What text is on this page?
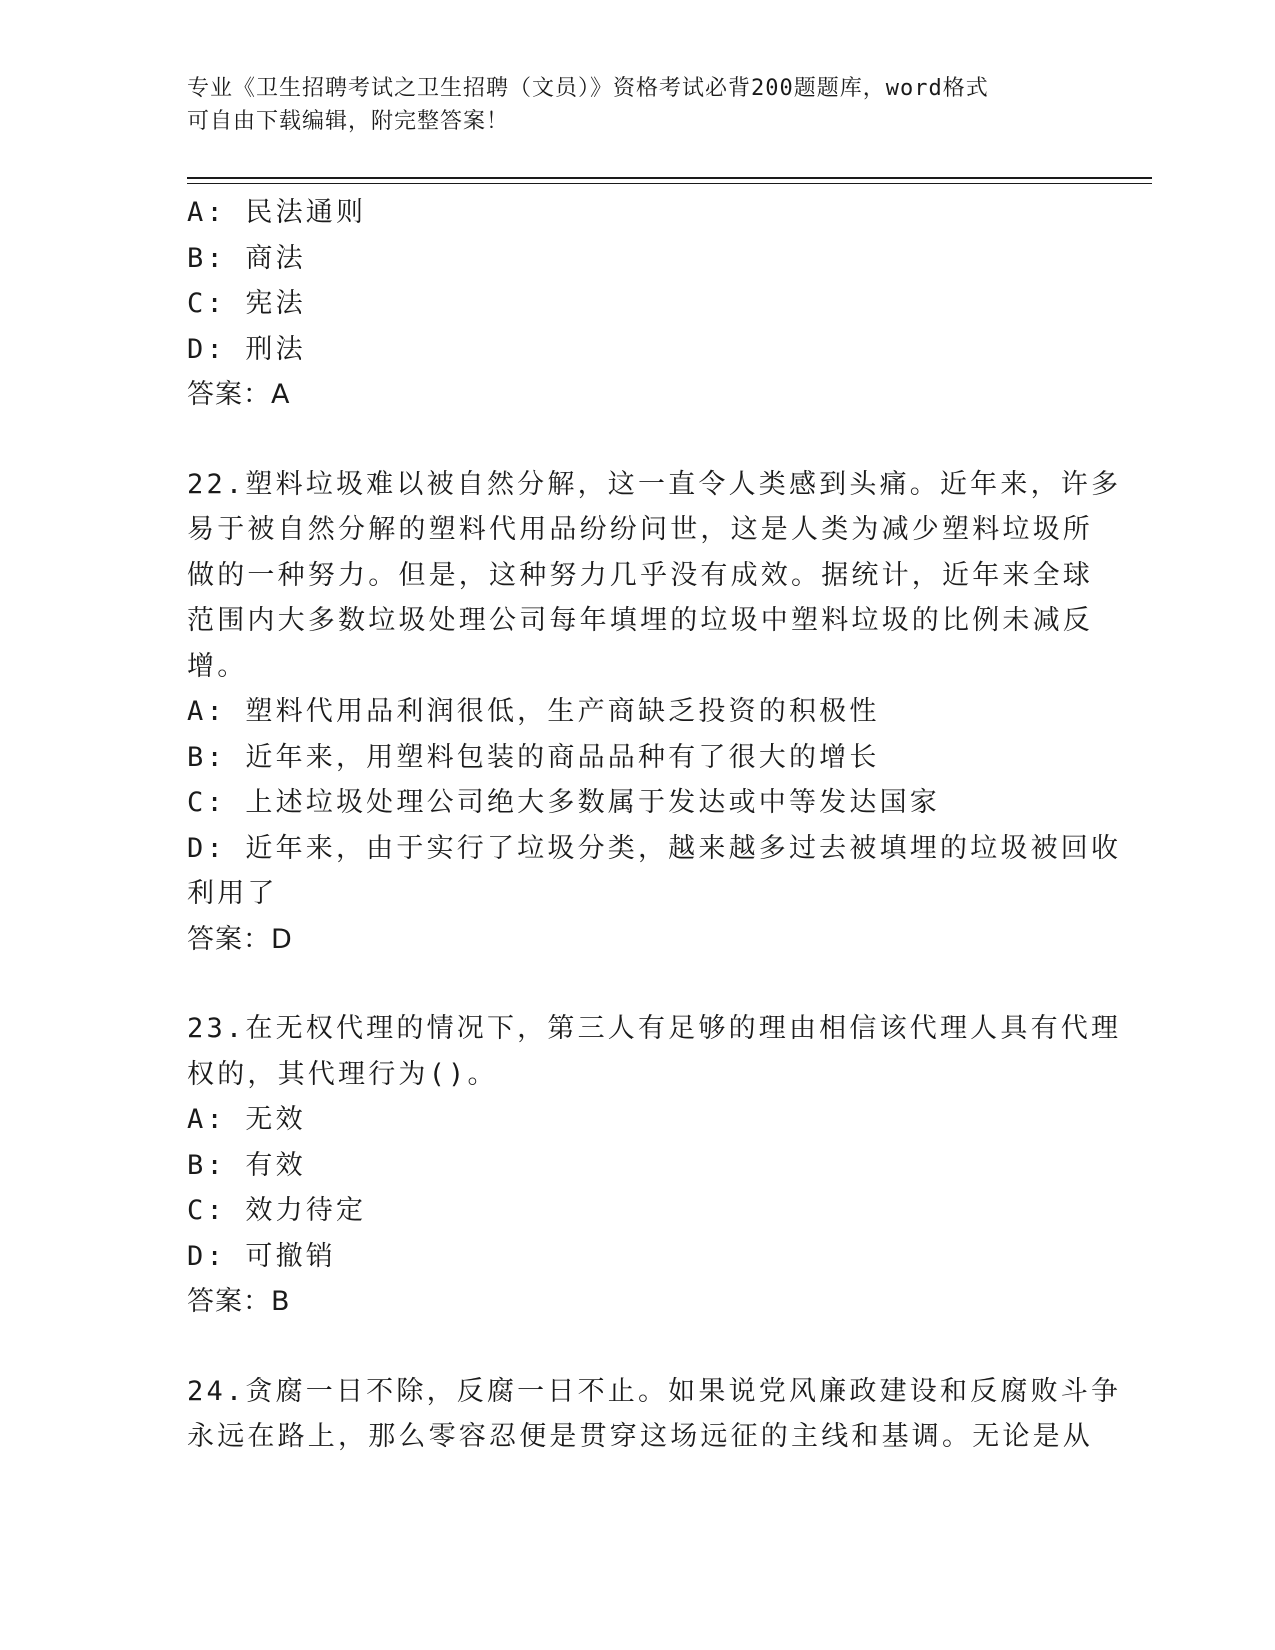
专业《卫生招聘考试之卫生招聘（文员）》资格考试必背200题题库，word格式
可自由下载编辑，附完整答案！
A: 民法通则
B: 商法
C: 宪法
D: 刑法
答案：A
22.塑料垃圾难以被自然分解，这一直令人类感到头痛。近年来，许多
易于被自然分解的塑料代用品纷纷问世，这是人类为减少塑料垃圾所
做的一种努力。但是，这种努力几乎没有成效。据统计，近年来全球
范围内大多数垃圾处理公司每年填埋的垃圾中塑料垃圾的比例未减反
增。
A: 塑料代用品利润很低，生产商缺乏投资的积极性
B: 近年来，用塑料包装的商品品种有了很大的增长
C: 上述垃圾处理公司绝大多数属于发达或中等发达国家
D: 近年来，由于实行了垃圾分类，越来越多过去被填埋的垃圾被回收
利用了
答案：D
23.在无权代理的情况下，第三人有足够的理由相信该代理人具有代理
权的，其代理行为()。
A: 无效
B: 有效
C: 效力待定
D: 可撤销
答案：B
24.贪腐一日不除，反腐一日不止。如果说党风廉政建设和反腐败斗争
永远在路上，那么零容忍便是贯穿这场远征的主线和基调。无论是从
